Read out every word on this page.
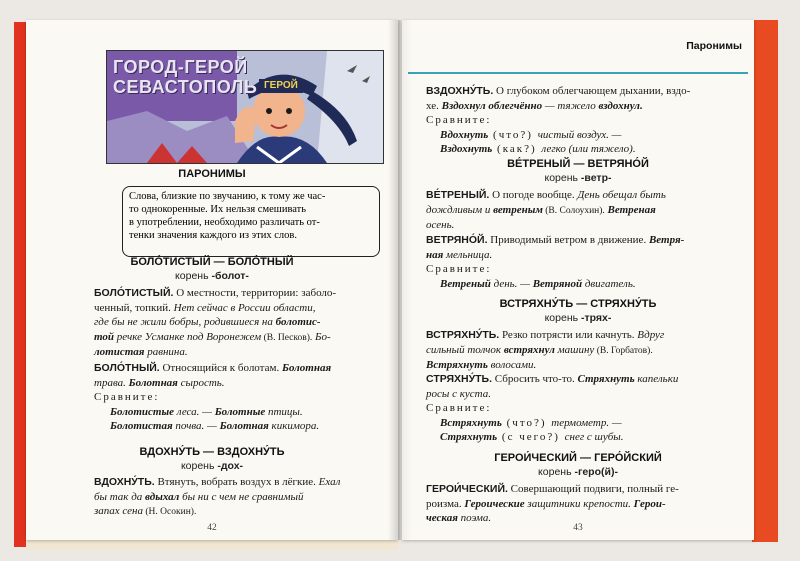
ГОРОД-ГЕРОЙ
СЕВАСТОПОЛЬ ГЕРОЙ
ПАРОНИМЫ
Слова, близкие по звучанию, к тому же час-
то однокоренные. Их нельзя смешивать
в употреблении, необходимо различать от-
тенки значения каждого из этих слов.
БОЛО́ТИСТЫЙ — БОЛО́ТНЫЙ
корень -болот-
БОЛО́ТИСТЫЙ. О местности, территории: заболо-
ченный, топкий. Нет сейчас в России области,
где бы не жили бобры, родившиеся на болотис-
той речке Усманке под Воронежем (В. Песков). Бо-
лотистая равнина.
БОЛО́ТНЫЙ. Относящийся к болотам. Болотная
трава. Болотная сырость.
Сравните:
Болотистые леса. — Болотные птицы.
Болотистая почва. — Болотная кикимора.
ВДОХНУ́ТЬ — ВЗДОХНУ́ТЬ
корень -дох-
ВДОХНУ́ТЬ. Втянуть, вобрать воздух в лёгкие. Ехал
бы так да вдыхал бы ни с чем не сравнимый
запах сена (Н. Осокин).
42
Паронимы
ВЗДОХНУ́ТЬ. О глубоком облегчающем дыхании, вздо-
хе. Вздохнул облегчённо — тяжело вздохнул.
Сравните:
Вдохнуть (что?) чистый воздух. —
Вздохнуть (как?) легко (или тяжело).
ВЕ́ТРЕНЫЙ — ВЕТРЯНО́Й
корень -ветр-
ВЕ́ТРЕНЫЙ. О погоде вообще. День обещал быть
дождливым и ветреным (В. Солоухин). Ветреная
осень.
ВЕТРЯНО́Й. Приводимый ветром в движение. Ветря-
ная мельница.
Сравните:
Ветреный день. — Ветряной двигатель.
ВСТРЯХНУ́ТЬ — СТРЯХНУ́ТЬ
корень -трях-
ВСТРЯХНУ́ТЬ. Резко потрясти или качнуть. Вдруг
сильный толчок встряхнул машину (В. Горбатов).
Встряхнуть волосами.
СТРЯХНУ́ТЬ. Сбросить что-то. Стряхнуть капельки
росы с куста.
Сравните:
Встряхнуть (что?) термометр. —
Стряхнуть (с чего?) снег с шубы.
ГЕРОИ́ЧЕСКИЙ — ГЕРО́ЙСКИЙ
корень -геро(й)-
ГЕРОИ́ЧЕСКИЙ. Совершающий подвиги, полный ге-
роизма. Героические защитники крепости. Герои-
ческая поэма.
43
